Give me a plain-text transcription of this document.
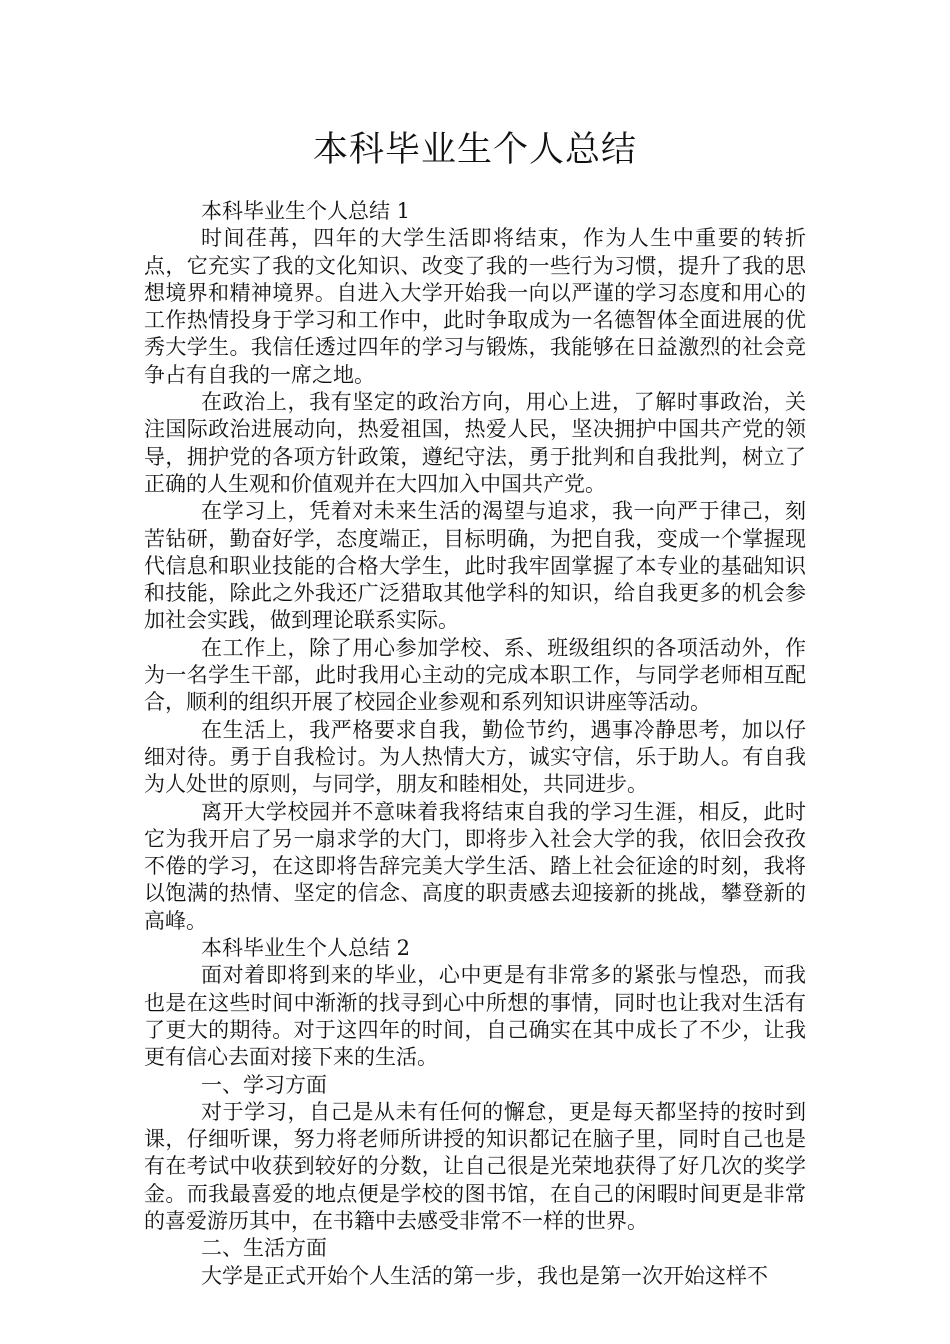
本科毕业生个人总结

本科毕业生个人总结 1

时间荏苒，四年的大学生活即将结束，作为人生中重要的转折点，它充实了我的文化知识、改变了我的一些行为习惯，提升了我的思想境界和精神境界。自进入大学开始我一向以严谨的学习态度和用心的工作热情投身于学习和工作中，此时争取成为一名德智体全面进展的优秀大学生。我信任透过四年的学习与锻炼，我能够在日益激烈的社会竞争占有自我的一席之地。

在政治上，我有坚定的政治方向，用心上进，了解时事政治，关注国际政治进展动向，热爱祖国，热爱人民，坚决拥护中国共产党的领导，拥护党的各项方针政策，遵纪守法，勇于批判和自我批判，树立了正确的人生观和价值观并在大四加入中国共产党。

在学习上，凭着对未来生活的渴望与追求，我一向严于律己，刻苦钻研，勤奋好学，态度端正，目标明确，为把自我，变成一个掌握现代信息和职业技能的合格大学生，此时我牢固掌握了本专业的基础知识和技能，除此之外我还广泛猎取其他学科的知识，给自我更多的机会参加社会实践，做到理论联系实际。

在工作上，除了用心参加学校、系、班级组织的各项活动外，作为一名学生干部，此时我用心主动的完成本职工作，与同学老师相互配合，顺利的组织开展了校园企业参观和系列知识讲座等活动。

在生活上，我严格要求自我，勤俭节约，遇事冷静思考，加以仔细对待。勇于自我检讨。为人热情大方，诚实守信，乐于助人。有自我为人处世的原则，与同学，朋友和睦相处，共同进步。

离开大学校园并不意味着我将结束自我的学习生涯，相反，此时它为我开启了另一扇求学的大门，即将步入社会大学的我，依旧会孜孜不倦的学习，在这即将告辞完美大学生活、踏上社会征途的时刻，我将以饱满的热情、坚定的信念、高度的职责感去迎接新的挑战，攀登新的高峰。

本科毕业生个人总结 2

面对着即将到来的毕业，心中更是有非常多的紧张与惶恐，而我也是在这些时间中渐渐的找寻到心中所想的事情，同时也让我对生活有了更大的期待。对于这四年的时间，自己确实在其中成长了不少，让我更有信心去面对接下来的生活。

一、学习方面

对于学习，自己是从未有任何的懈怠，更是每天都坚持的按时到课，仔细听课，努力将老师所讲授的知识都记在脑子里，同时自己也是有在考试中收获到较好的分数，让自己很是光荣地获得了好几次的奖学金。而我最喜爱的地点便是学校的图书馆，在自己的闲暇时间更是非常的喜爱游历其中，在书籍中去感受非常不一样的世界。

二、生活方面

大学是正式开始个人生活的第一步，我也是第一次开始这样不
